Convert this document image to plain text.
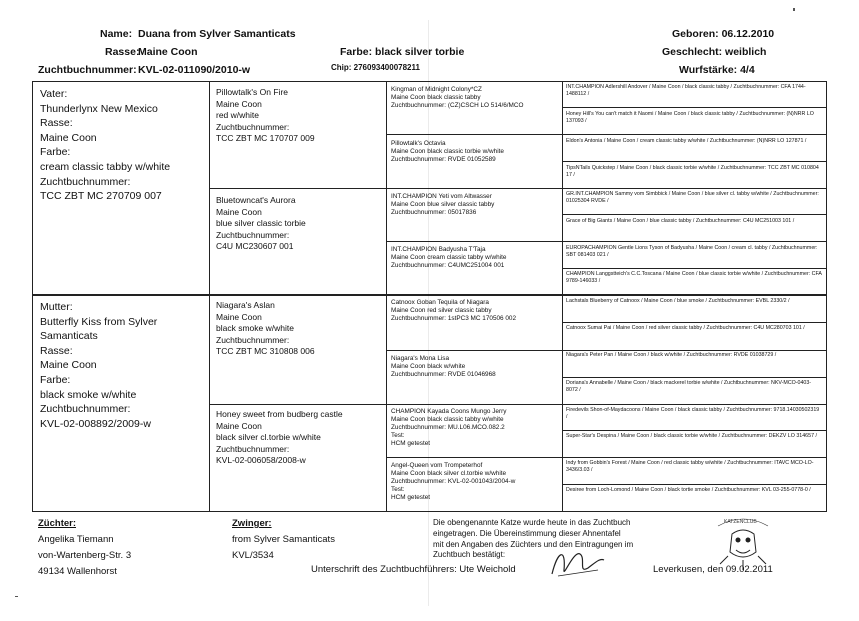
Name: Duana from Sylver Samanticats
Rasse:
Maine Coon
Zuchtbuchnummer: KVL-02-011090/2010-w
Farbe: black silver torbie
Chip: 276093400078211
Geboren: 06.12.2010
Geschlecht: weiblich
Wurfstärke: 4/4
Vater:
Thunderlynx New Mexico
Rasse:
Maine Coon
Farbe:
cream classic tabby w/white
Zuchtbuchnummer:
TCC ZBT MC 270709 007
Mutter:
Butterfly Kiss from Sylver
Samanticats
Rasse:
Maine Coon
Farbe:
black smoke w/white
Zuchtbuchnummer:
KVL-02-008892/2009-w
Pillowtalk's On Fire
Maine Coon
red w/white
Zuchtbuchnummer:
TCC ZBT MC 170707 009
Bluetowncat's Aurora
Maine Coon
blue silver classic torbie
Zuchtbuchnummer:
C4U MC230607 001
Niagara's Aslan
Maine Coon
black smoke w/white
Zuchtbuchnummer:
TCC ZBT MC 310808 006
Honey sweet from budberg castle
Maine Coon
black silver cl.torbie w/white
Zuchtbuchnummer:
KVL-02-006058/2008-w
Kingman of Midnight Colony*CZ
Maine Coon black classic tabby
Zuchtbuchnummer: (CZ)CSCH LO 514/6/MCO
Pillowtalk's Octavia
Maine Coon black classic torbie w/white
Zuchtbuchnummer: RVDE 01052589
INT.CHAMPION Yeti vom Altwasser
Maine Coon blue silver classic tabby
Zuchtbuchnummer: 05017836
INT.CHAMPION Badyusha T'Taja
Maine Coon cream classic tabby w/white
Zuchtbuchnummer: C4UMC251004 001
Catnoox Goban Tequila of Niagara
Maine Coon red silver classic tabby
Zuchtbuchnummer: 1stPC3 MC 170506 002
Niagara's Mona Lisa
Maine Coon black w/white
Zuchtbuchnummer: RVDE 01046968
CHAMPION Kayada Coons Mungo Jerry
Maine Coon black classic tabby w/white
Zuchtbuchnummer: MU.L06.MCO.082.2
Test:
HCM getestet
Angel-Queen vom Trompeterhof
Maine Coon black silver cl.torbie w/white
Zuchtbuchnummer: KVL-02-001043/2004-w
Test:
HCM getestet
INT.CHAMPION Adlershill Andover / Maine Coon / black classic tabby / Zuchtbuchnummer: CFA 1744-1488112 /
Honey Hill's You can't match it Naomi / Maine Coon / black classic tabby / Zuchtbuchnummer: (N)NRR LO 137093 /
Eldon's Antonia / Maine Coon / cream classic tabby w/white / Zuchtbuchnummer: (N)NRR LO 127871 /
TipsNTails Quickstep / Maine Coon / black classic torbie w/white / Zuchtbuchnummer: TCC ZBT MC 010804 17 /
GR.INT.CHAMPION Sammy vom Simbbick / Maine Coon / blue silver cl. tabby w/white / Zuchtbuchnummer: 01025304 RVDE /
Grace of Big Giants / Maine Coon / blue classic tabby / Zuchtbuchnummer: C4U MC251003 101 /
EUROPACHAMPION Gentle Lions Tyson of Badyusha / Maine Coon / cream cl. tabby / Zuchtbuchnummer: SBT 081403 021 /
CHAMPION Langgstteich's C.C.Toscana / Maine Coon / blue classic torbie w/white / Zuchtbuchnummer: CFA 9789-146033 /
Lachstals Blueberry of Catnoox / Maine Coon / blue smoke / Zuchtbuchnummer: EVBL 2330/2 /
Catnoox Sumai Pai / Maine Coon / red silver classic tabby / Zuchtbuchnummer: C4U MC280703 101 /
Niagara's Peter Pan / Maine Coon / black w/white / Zuchtbuchnummer: RVDE 01038729 /
Doriana's Annabelle / Maine Coon / black mackerel torbie w/white / Zuchtbuchnummer: NKV-MCO-0403-8072 /
Firedevils Shon-of-Maydacoons / Maine Coon / black classic tabby / Zuchtbuchnummer: 9718.14030502319 /
Super-Star's Despina / Maine Coon / black classic torbie w/white / Zuchtbuchnummer: DEKZV LO 314657 /
Indy from Gobbin's Forest / Maine Coon / red classic tabby w/white / Zuchtbuchnummer: ITAVC MCO-LO-3436/3.03 /
Desiree from Loch-Lomond / Maine Coon / black tortie smoke / Zuchtbuchnummer: KVL 03-255-0778-0 /
Züchter:
Angelika Tiemann
von-Wartenberg-Str. 3
49134 Wallenhorst
Zwinger:
from Sylver Samanticats
KVL/3534
Unterschrift des Zuchtbuchführers: Ute Weichold
Die obengenannte Katze wurde heute in das Zuchtbuch
eingetragen. Die Übereinstimmung dieser Ahnentafel
mit den Angaben des Züchters und den Eintragungen im
Zuchtbuch bestätigt:
KATZENCLUB
Leverkusen, den 09.02.2011
